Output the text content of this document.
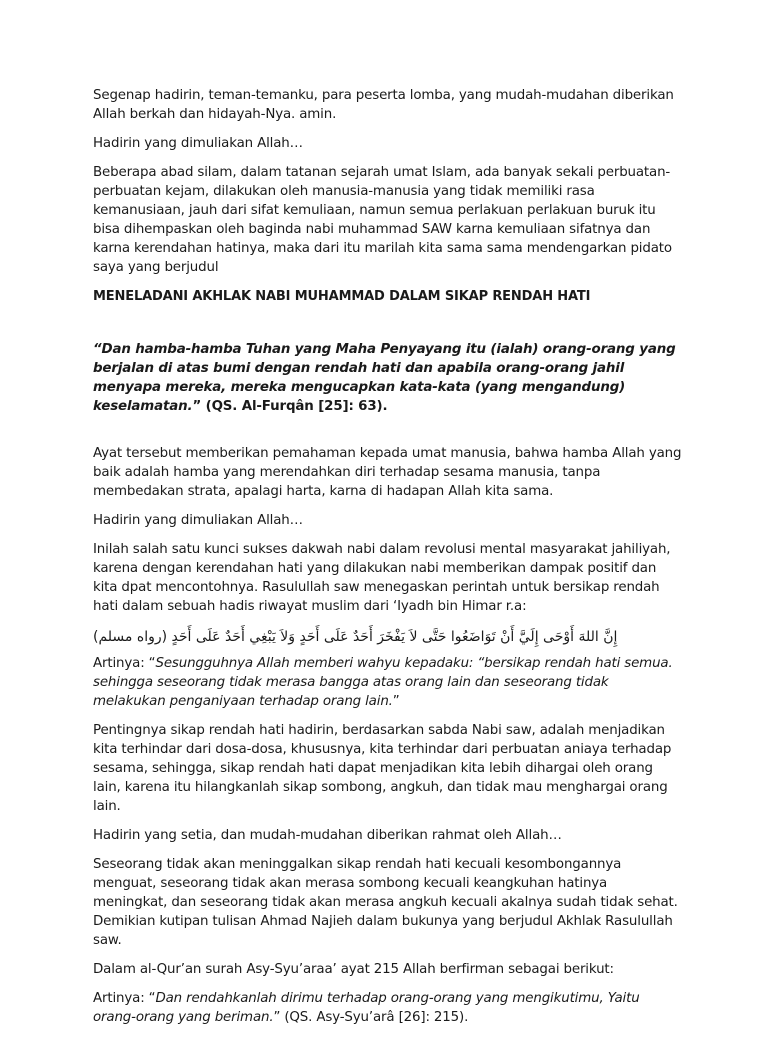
Segenap hadirin, teman-temanku, para peserta lomba, yang mudah-mudahan diberikan Allah berkah dan hidayah-Nya. amin.

Hadirin yang dimuliakan Allah…

Beberapa abad silam, dalam tatanan sejarah umat Islam, ada banyak sekali perbuatan-perbuatan kejam, dilakukan oleh manusia-manusia yang tidak memiliki rasa kemanusiaan, jauh dari sifat kemuliaan, namun semua perlakuan perlakuan buruk itu bisa dihempaskan oleh baginda nabi muhammad SAW karna kemuliaan sifatnya dan karna kerendahan hatinya, maka dari itu marilah kita sama sama mendengarkan pidato saya yang berjudul

MENELADANI AKHLAK NABI MUHAMMAD DALAM SIKAP RENDAH HATI

“Dan hamba-hamba Tuhan yang Maha Penyayang itu (ialah) orang-orang yang berjalan di atas bumi dengan rendah hati dan apabila orang-orang jahil menyapa mereka, mereka mengucapkan kata-kata (yang mengandung) keselamatan.” (QS. Al-Furqân [25]: 63).

Ayat tersebut memberikan pemahaman kepada umat manusia, bahwa hamba Allah yang baik adalah hamba yang merendahkan diri terhadap sesama manusia, tanpa membedakan strata, apalagi harta, karna di hadapan Allah kita sama.

Hadirin yang dimuliakan Allah…

Inilah salah satu kunci sukses dakwah nabi dalam revolusi mental masyarakat jahiliyah, karena dengan kerendahan hati yang dilakukan nabi memberikan dampak positif dan kita dpat mencontohnya. Rasulullah saw menegaskan perintah untuk bersikap rendah hati dalam sebuah hadis riwayat muslim dari ‘Iyadh bin Himar r.a:

إِنَّ اللهَ أَوْحَى إِلَيَّ أَنْ تَوَاضَعُوا حَتَّى لاَ يَفْخَرَ أَحَدٌ عَلَى أَحَدٍ وَلاَ يَبْغِي أَحَدٌ عَلَى أَحَدٍ (رواه مسلم)

Artinya: “Sesungguhnya Allah memberi wahyu kepadaku: “bersikap rendah hati semua. sehingga seseorang tidak merasa bangga atas orang lain dan seseorang tidak melakukan penganiyaan terhadap orang lain.”

Pentingnya sikap rendah hati hadirin, berdasarkan sabda Nabi saw, adalah menjadikan kita terhindar dari dosa-dosa, khususnya, kita terhindar dari perbuatan aniaya terhadap sesama, sehingga, sikap rendah hati dapat menjadikan kita lebih dihargai oleh orang lain, karena itu hilangkanlah sikap sombong, angkuh, dan tidak mau menghargai orang lain.

Hadirin yang setia, dan mudah-mudahan diberikan rahmat oleh Allah…

Seseorang tidak akan meninggalkan sikap rendah hati kecuali kesombongannya menguat, seseorang tidak akan merasa sombong kecuali keangkuhan hatinya meningkat, dan seseorang tidak akan merasa angkuh kecuali akalnya sudah tidak sehat. Demikian kutipan tulisan Ahmad Najieh dalam bukunya yang berjudul Akhlak Rasulullah saw.

Dalam al-Qur’an surah Asy-Syu’araa’ ayat 215 Allah berfirman sebagai berikut:

Artinya: “Dan rendahkanlah dirimu terhadap orang-orang yang mengikutimu, Yaitu orang-orang yang beriman.” (QS. Asy-Syu’arâ [26]: 215).
